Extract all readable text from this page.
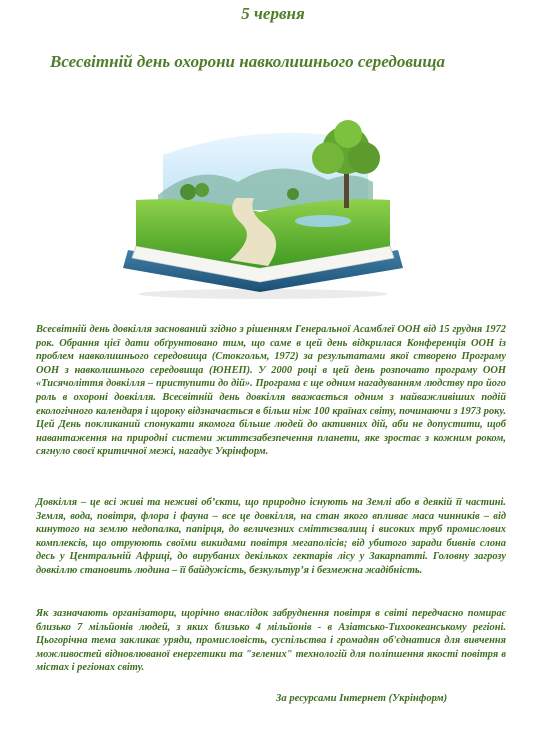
5 червня
Всесвітній день охорони навколишнього середовища
Всесвітній день довкілля заснований згідно з рішенням Генеральної Асамблеї ООН від 15 грудня 1972 рок. Обрання цієї дати обґрунтовано тим, що саме в цей день відкрилася Конференція ООН із проблем навколишнього середовища (Стокгольм, 1972) за результатами якої створено Програму ООН з навколишнього середовища (ЮНЕП). У 2000 році в цей день розпочато програму ООН «Тисячоліття довкілля – приступити до дій». Програма є ще одним нагадуванням людству про його роль в охороні довкілля. Всесвітній день довкілля вважається одним з найважливіших подій екологічного календаря і щороку відзначається в більш ніж 100 країнах світу, починаючи з 1973 року. Цей День покликаний спонукати якомога більше людей до активних дій, аби не допустити, щоб навантаження на природні системи життєзабезпечення планети, яке зростає з кожним роком, сягнуло своєї критичної межі, нагадує Укрінформ.
Довкілля – це всі живі та неживі об’єкти, що природно існують на Землі або в деякій її частині. Земля, вода, повітря, флора і фауна – все це довкілля, на стан якого впливає маса чинників – від кинутого на землю недопалка, папірця, до величезних сміттєзвалищ і високих труб промислових комплексів, що отруюють своїми викидами повітря мегаполісів; від убитого заради бивнів слона десь у Центральній Африці, до вирубаних декількох гектарів лісу у Закарпатті. Головну загрозу довкіллю становить людина – її байдужість, безкультур’я і безмежна жадібність.
Як зазначають організатори, щорічно внаслідок забруднення повітря в світі передчасно помирає близько 7 мільйонів людей, з яких близько 4 мільйонів - в Азіатсько-Тихоокеанському регіоні. Цьогорічна тема закликає уряди, промисловість, суспільства і громадян об'єднатися для вивчення можливостей відновлюваної енергетики та "зелених" технологій для поліпшення якості повітря в містах і регіонах світу.
За ресурсами Інтернет (Укрінформ)
